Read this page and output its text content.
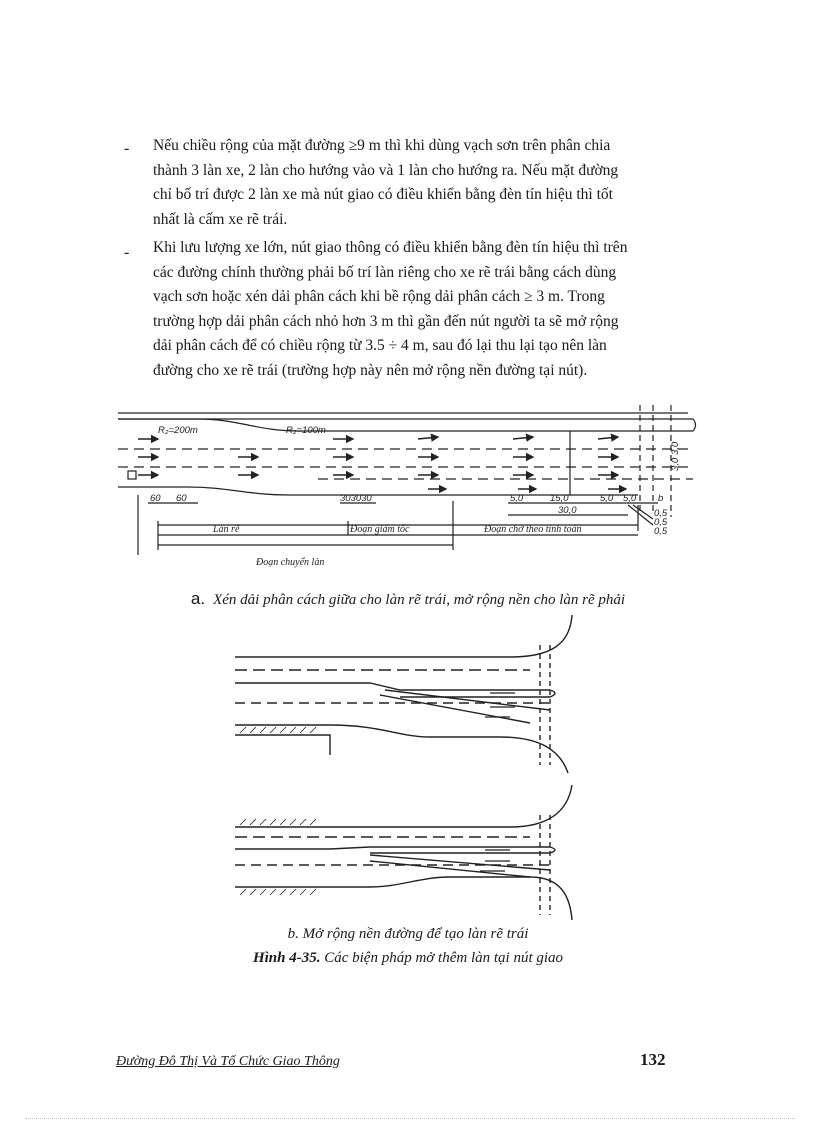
- Nếu chiều rộng của mặt đường ≥9 m thì khi dùng vạch sơn trên phân chia
thành 3 làn xe, 2 làn cho hướng vào và 1 làn cho hướng ra. Nếu mặt đường
chỉ bố trí được 2 làn xe mà nút giao có điều khiển bằng đèn tín hiệu thì tốt
nhất là cấm xe rẽ trái.
- Khi lưu lượng xe lớn, nút giao thông có điều khiển bằng đèn tín hiệu thì trên
các đường chính thường phải bố trí làn riêng cho xe rẽ trái bằng cách dùng
vạch sơn hoặc xén dải phân cách khi bề rộng dải phân cách ≥ 3 m. Trong
trường hợp dải phân cách nhỏ hơn 3 m thì gần đến nút người ta sẽ mở rộng
dải phân cách để có chiều rộng từ 3.5 ÷ 4 m, sau đó lại thu lại tạo nên làn
đường cho xe rẽ trái (trường hợp này nên mở rộng nền đường tại nút).
R₂=200m	R₂=100m
60 60	303030	5,0	15,0	5,0 5,0 b
30,0	0,5
0,5
0,5
3,0
3,0
Làn rẽ	Đoạn giảm tốc	Đoạn chờ theo tính toán
Đoạn chuyển làn
a. Xén dải phân cách giữa cho làn rẽ trái, mở rộng nền cho làn rẽ phải
b. Mở rộng nền đường để tạo làn rẽ trái
Hình 4-35. Các biện pháp mở thêm làn tại nút giao
Đường Đô Thị Và Tổ Chức Giao Thông	132
